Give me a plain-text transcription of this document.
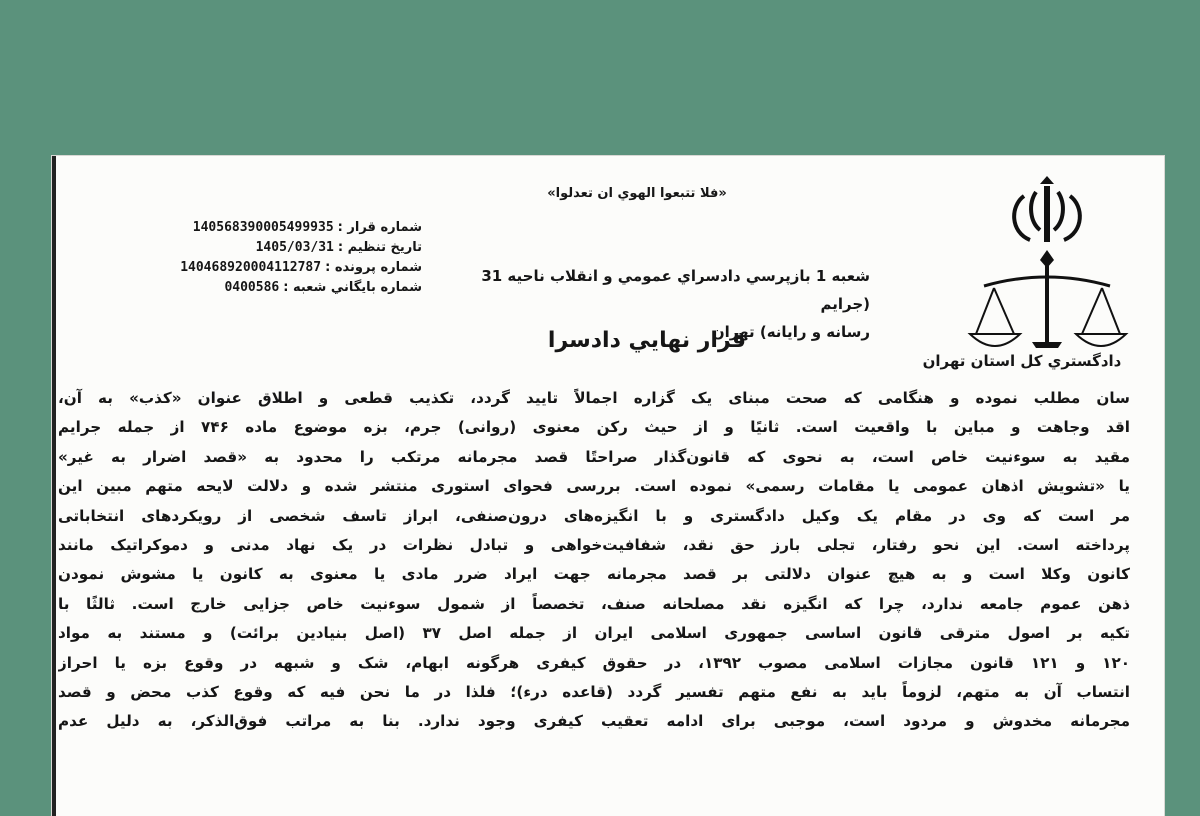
«فلا تتبعوا الهوي ان تعدلوا»
دادگستري كل استان تهران
شعبه 1 بازپرسي دادسراي عمومي و انقلاب ناحيه 31 (جرايم
رسانه و رايانه) تهران
قرار نهايي دادسرا
شماره قرار :
140568390005499935
تاريخ تنظيم :
1405/03/31
شماره پرونده :
140468920004112787
شماره بايگاني شعبه :
0400586
سان مطلب نموده و هنگامی که صحت مبنای یک گزاره اجمالاً تایید گردد، تکذیب قطعی و اطلاق عنوان «کذب» به آن،
اقد وجاهت و مباین با واقعیت است. ثانیًا و از حیث رکن معنوی (روانی) جرم، بزه موضوع ماده ۷۴۶ از جمله جرایم
مقید به سوءنیت خاص است، به نحوی که قانون‌گذار صراحتًا قصد مجرمانه مرتکب را محدود به «قصد اضرار به غیر»
یا «تشویش اذهان عمومی یا مقامات رسمی» نموده است. بررسی فحوای استوری منتشر شده و دلالت لایحه متهم مبین این
مر است که وی در مقام یک وکیل دادگستری و با انگیزه‌های درون‌صنفی، ابراز تاسف شخصی از رویکردهای انتخاباتی
پرداخته است. این نحو رفتار، تجلی بارز حق نقد، شفافیت‌خواهی و تبادل نظرات در یک نهاد مدنی و دموکراتیک مانند
کانون وکلا است و به هیچ عنوان دلالتی بر قصد مجرمانه جهت ایراد ضرر مادی یا معنوی به کانون یا مشوش نمودن
ذهن عموم جامعه ندارد، چرا که انگیزه نقد مصلحانه صنف، تخصصاً از شمول سوءنیت خاص جزایی خارج است. ثالثًا با
تکیه بر اصول مترقی قانون اساسی جمهوری اسلامی ایران از جمله اصل ۳۷ (اصل بنیادین برائت) و مستند به مواد
۱۲۰ و ۱۲۱ قانون مجازات اسلامی مصوب ۱۳۹۲، در حقوق کیفری هرگونه ابهام، شک و شبهه در وقوع بزه یا احراز
انتساب آن به متهم، لزوماً باید به نفع متهم تفسیر گردد (قاعده درء)؛ فلذا در ما نحن فیه که وقوع کذب محض و قصد
مجرمانه مخدوش و مردود است، موجبی برای ادامه تعقیب کیفری وجود ندارد. بنا به مراتب فوق‌الذکر، به دلیل عدم
